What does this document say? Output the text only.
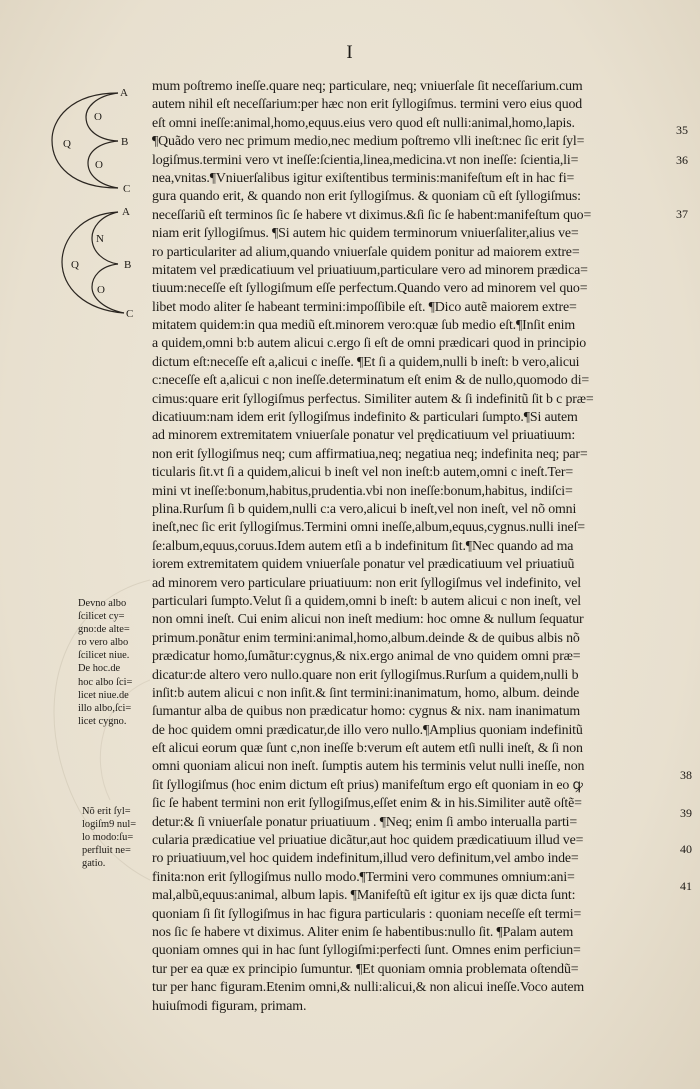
I
A
B
C
O
O
Q
A
B
C
N
O
Q
mum poſtremo ineſſe.quare neq; particulare, neq; vniuerſale ſit neceſſarium.cum
autem nihil eſt neceſſarium:per hæc non erit ſyllogiſmus. termini vero eius quod
eſt omni ineſſe:animal,homo,equus.eius vero quod eſt nulli:animal,homo,lapis.
¶Quãdo vero nec primum medio,nec medium poſtremo vlli ineſt:nec ſic erit ſyl=
logiſmus.termini vero vt ineſſe:ſcientia,linea,medicina.vt non ineſſe: ſcientia,li=
nea,vnitas.¶Vniuerſalibus igitur exiſtentibus terminis:manifeſtum eſt in hac fi=
gura quando erit, & quando non erit ſyllogiſmus. & quoniam cũ eſt ſyllogiſmus:
neceſſariũ eſt terminos ſic ſe habere vt diximus.&ſi ſic ſe habent:manifeſtum quo=
niam erit ſyllogiſmus. ¶Si autem hic quidem terminorum vniuerſaliter,alius ve=
ro particulariter ad alium,quando vniuerſale quidem ponitur ad maiorem extre=
mitatem vel prædicatiuum vel priuatiuum,particulare vero ad minorem prædica=
tiuum:neceſſe eſt ſyllogiſmum eſſe perfectum.Quando vero ad minorem vel quo=
libet modo aliter ſe habeant termini:impoſſibile eſt. ¶Dico autẽ maiorem extre=
mitatem quidem:in qua mediũ eſt.minorem vero:quæ ſub medio eſt.¶Inſit enim
a quidem,omni b:b autem alicui c.ergo ſi eſt de omni prædicari quod in principio
dictum eſt:neceſſe eſt a,alicui c ineſſe. ¶Et ſi a quidem,nulli b ineſt: b vero,alicui
c:neceſſe eſt a,alicui c non ineſſe.determinatum eſt enim & de nullo,quomodo di=
cimus:quare erit ſyllogiſmus perfectus. Similiter autem & ſi indefinitũ ſit b c præ=
dicatiuum:nam idem erit ſyllogiſmus indefinito & particulari ſumpto.¶Si autem
ad minorem extremitatem vniuerſale ponatur vel prędicatiuum vel priuatiuum:
non erit ſyllogiſmus neq; cum affirmatiua,neq; negatiua neq; indefinita neq; par=
ticularis ſit.vt ſi a quidem,alicui b ineſt vel non ineſt:b autem,omni c ineſt.Ter=
mini vt ineſſe:bonum,habitus,prudentia.vbi non ineſſe:bonum,habitus, indiſci=
plina.Rurſum ſi b quidem,nulli c:a vero,alicui b ineſt,vel non ineſt, vel nõ omni
ineſt,nec ſic erit ſyllogiſmus.Termini omni ineſſe,album,equus,cygnus.nulli ineſ=
ſe:album,equus,coruus.Idem autem etſi a b indefinitum ſit.¶Nec quando ad ma
iorem extremitatem quidem vniuerſale ponatur vel prædicatiuum vel priuatiuũ
ad minorem vero particulare priuatiuum: non erit ſyllogiſmus vel indefinito, vel
particulari ſumpto.Velut ſi a quidem,omni b ineſt: b autem alicui c non ineſt, vel
non omni ineſt. Cui enim alicui non ineſt medium: hoc omne & nullum ſequatur
primum.ponãtur enim termini:animal,homo,album.deinde & de quibus albis nõ
prædicatur homo,ſumãtur:cygnus,& nix.ergo animal de vno quidem omni præ=
dicatur:de altero vero nullo.quare non erit ſyllogiſmus.Rurſum a quidem,nulli b
inſit:b autem alicui c non inſit.& ſint termini:inanimatum, homo, album. deinde
ſumantur alba de quibus non prædicatur homo: cygnus & nix. nam inanimatum
de hoc quidem omni prædicatur,de illo vero nullo.¶Amplius quoniam indefinitũ
eſt alicui eorum quæ ſunt c,non ineſſe b:verum eſt autem etſi nulli ineſt, & ſi non
omni quoniam alicui non ineſt. ſumptis autem his terminis velut nulli ineſſe, non
ſit ſyllogiſmus (hoc enim dictum eſt prius) manifeſtum ergo eſt quoniam in eo ꝙ
ſic ſe habent termini non erit ſyllogiſmus,eſſet enim & in his.Similiter autẽ oſtẽ=
detur:& ſi vniuerſale ponatur priuatiuum . ¶Neq; enim ſi ambo interualla parti=
cularia prædicatiue vel priuatiue dicãtur,aut hoc quidem prædicatiuum illud ve=
ro priuatiuum,vel hoc quidem indefinitum,illud vero definitum,vel ambo inde=
finita:non erit ſyllogiſmus nullo modo.¶Termini vero communes omnium:ani=
mal,albũ,equus:animal, album lapis. ¶Manifeſtũ eſt igitur ex ijs quæ dicta ſunt:
quoniam ſi ſit ſyllogiſmus in hac figura particularis : quoniam neceſſe eſt termi=
nos ſic ſe habere vt diximus. Aliter enim ſe habentibus:nullo ſit. ¶Palam autem
quoniam omnes qui in hac ſunt ſyllogiſmi:perfecti ſunt. Omnes enim perficiun=
tur per ea quæ ex principio ſumuntur. ¶Et quoniam omnia problemata oſtendũ=
tur per hanc figuram.Etenim omni,& nulli:alicui,& non alicui ineſſe.Voco autem
huiuſmodi figuram, primam.
35
36
37
38
39
40
41
Devno albo
ſcilicet cy=
gno:de alte=
ro vero albo
ſcilicet niue.
De hoc.de
hoc albo ſci=
licet niue.de
illo albo,ſci=
licet cygno.
Nõ erit ſyl=
logiſm9 nul=
lo modo:ſu=
perfluit ne=
gatio.
